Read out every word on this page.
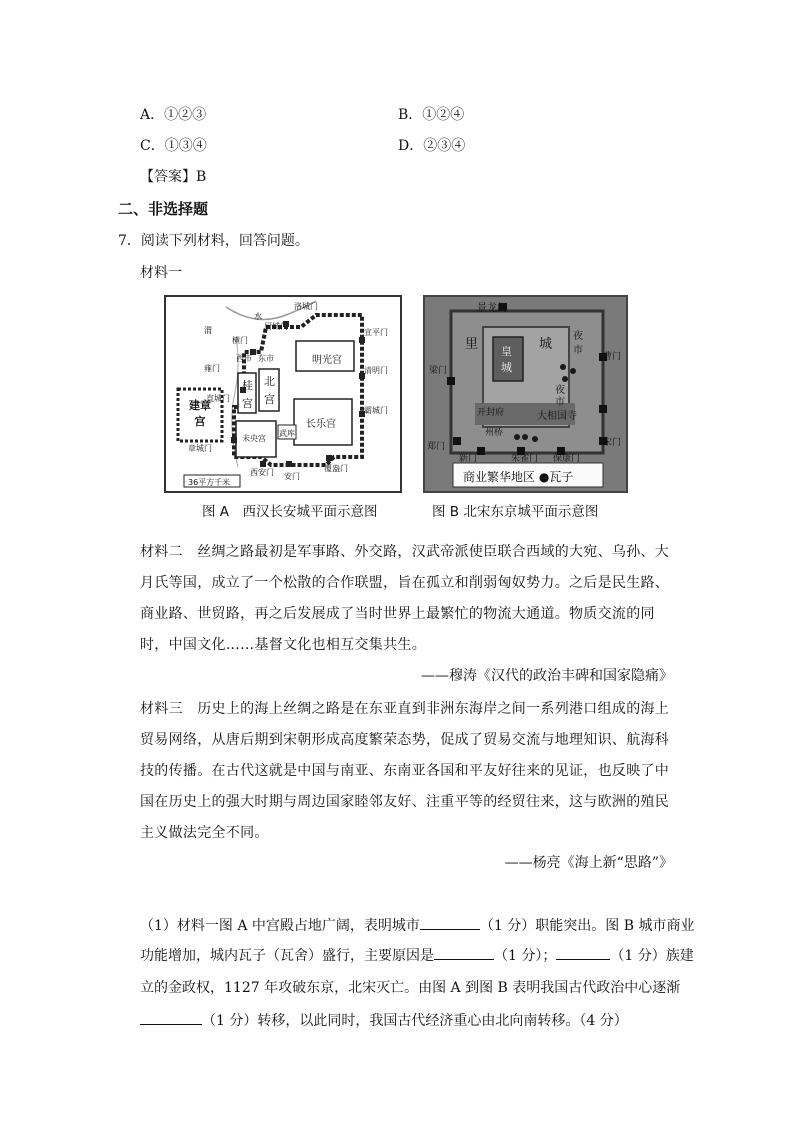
A．①②③	B．①②④
C．①③④	D．②③④
【答案】B
二、非选择题
7．阅读下列材料，回答问题。
材料一
洛城门
水
厨城门
渭
横门
宣平门
西市 东市	明光宫
雍门
北
宫
桂
宫
清明门
建章宫
直城门
霸城门
未央宫
武库
长乐宫
章城门
覆盎门
西安门 安门
36平方千米
景龙门
里	城
夜
市
曹门
皇
城
梁门
夜
市
开封府	大相国寺
州桥
宋门
郑门
新门	朱雀门 保康门
商业繁华地区 ●瓦子
图 A　西汉长安城平面示意图	图 B 北宋东京城平面示意图
材料二　丝绸之路最初是军事路、外交路，汉武帝派使臣联合西域的大宛、乌孙、大月氏等国，成立了一个松散的合作联盟，旨在孤立和削弱匈奴势力。之后是民生路、商业路、世贸路，再之后发展成了当时世界上最繁忙的物流大通道。物质交流的同时，中国文化……基督文化也相互交集共生。
——穆涛《汉代的政治丰碑和国家隐痛》
材料三　历史上的海上丝绸之路是在东亚直到非洲东海岸之间一系列港口组成的海上贸易网络，从唐后期到宋朝形成高度繁荣态势，促成了贸易交流与地理知识、航海科技的传播。在古代这就是中国与南亚、东南亚各国和平友好往来的见证，也反映了中国在历史上的强大时期与周边国家睦邻友好、注重平等的经贸往来，这与欧洲的殖民主义做法完全不同。
——杨亮《海上新“思路”》
（1）材料一图 A 中宫殿占地广阔，表明城市	（1 分）职能突出。图 B 城市商业
功能增加，城内瓦子（瓦舍）盛行，主要原因是	（1 分）；	（1 分）族建
立的金政权，1127 年攻破东京，北宋灭亡。由图 A 到图 B 表明我国古代政治中心逐渐
（1 分）转移，以此同时，我国古代经济重心由北向南转移。（4 分）
